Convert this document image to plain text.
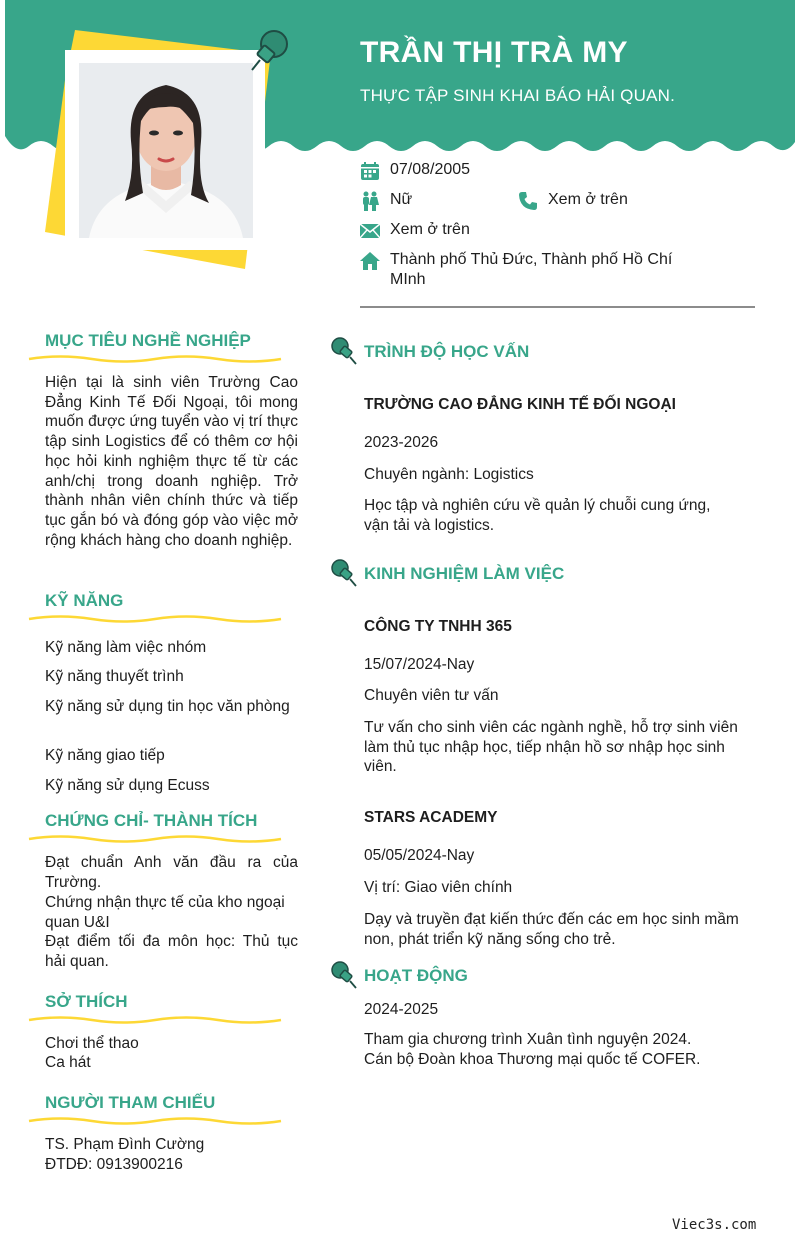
TRẦN THỊ TRÀ MY
THỰC TẬP SINH KHAI BÁO HẢI QUAN.
07/08/2005
Nữ	Xem ở trên
Xem ở trên
Thành phố Thủ Đức, Thành phố Hồ Chí
MInh
MỤC TIÊU NGHỀ NGHIỆP
Hiện tại là sinh viên Trường Cao Đẳng Kinh Tế Đối Ngoại, tôi mong muốn được ứng tuyển vào vị trí thực tập sinh Logistics để có thêm cơ hội học hỏi kinh nghiệm thực tế từ các anh/chị trong doanh nghiệp. Trở thành nhân viên chính thức và tiếp tục gắn bó và đóng góp vào việc mở rộng khách hàng cho doanh nghiệp.
KỸ NĂNG
Kỹ năng làm việc nhóm
Kỹ năng thuyết trình
Kỹ năng sử dụng tin học văn phòng
Kỹ năng giao tiếp
Kỹ năng sử dụng Ecuss
CHỨNG CHỈ- THÀNH TÍCH
Đạt chuẩn Anh văn đầu ra của Trường.
Chứng nhận thực tế của kho ngoại quan U&I
Đạt điểm tối đa môn học: Thủ tục hải quan.
SỞ THÍCH
Chơi thể thao
Ca hát
NGƯỜI THAM CHIẾU
TS. Phạm Đình Cường
ĐTDĐ: 0913900216
TRÌNH ĐỘ HỌC VẤN
TRƯỜNG CAO ĐẲNG KINH TẾ ĐỐI NGOẠI
2023-2026
Chuyên ngành: Logistics
Học tập và nghiên cứu về quản lý chuỗi cung ứng, vận tải và logistics.
KINH NGHIỆM LÀM VIỆC
CÔNG TY TNHH 365
15/07/2024-Nay
Chuyên viên tư vấn
Tư vấn cho sinh viên các ngành nghề, hỗ trợ sinh viên làm thủ tục nhập học, tiếp nhận hồ sơ nhập học sinh viên.
STARS ACADEMY
05/05/2024-Nay
Vị trí: Giao viên chính
Dạy và truyền đạt kiến thức đến các em học sinh mầm non, phát triển kỹ năng sống cho trẻ.
HOẠT ĐỘNG
2024-2025
Tham gia chương trình Xuân tình nguyện 2024.
Cán bộ Đoàn khoa Thương mại quốc tế COFER.
Viec3s.com
